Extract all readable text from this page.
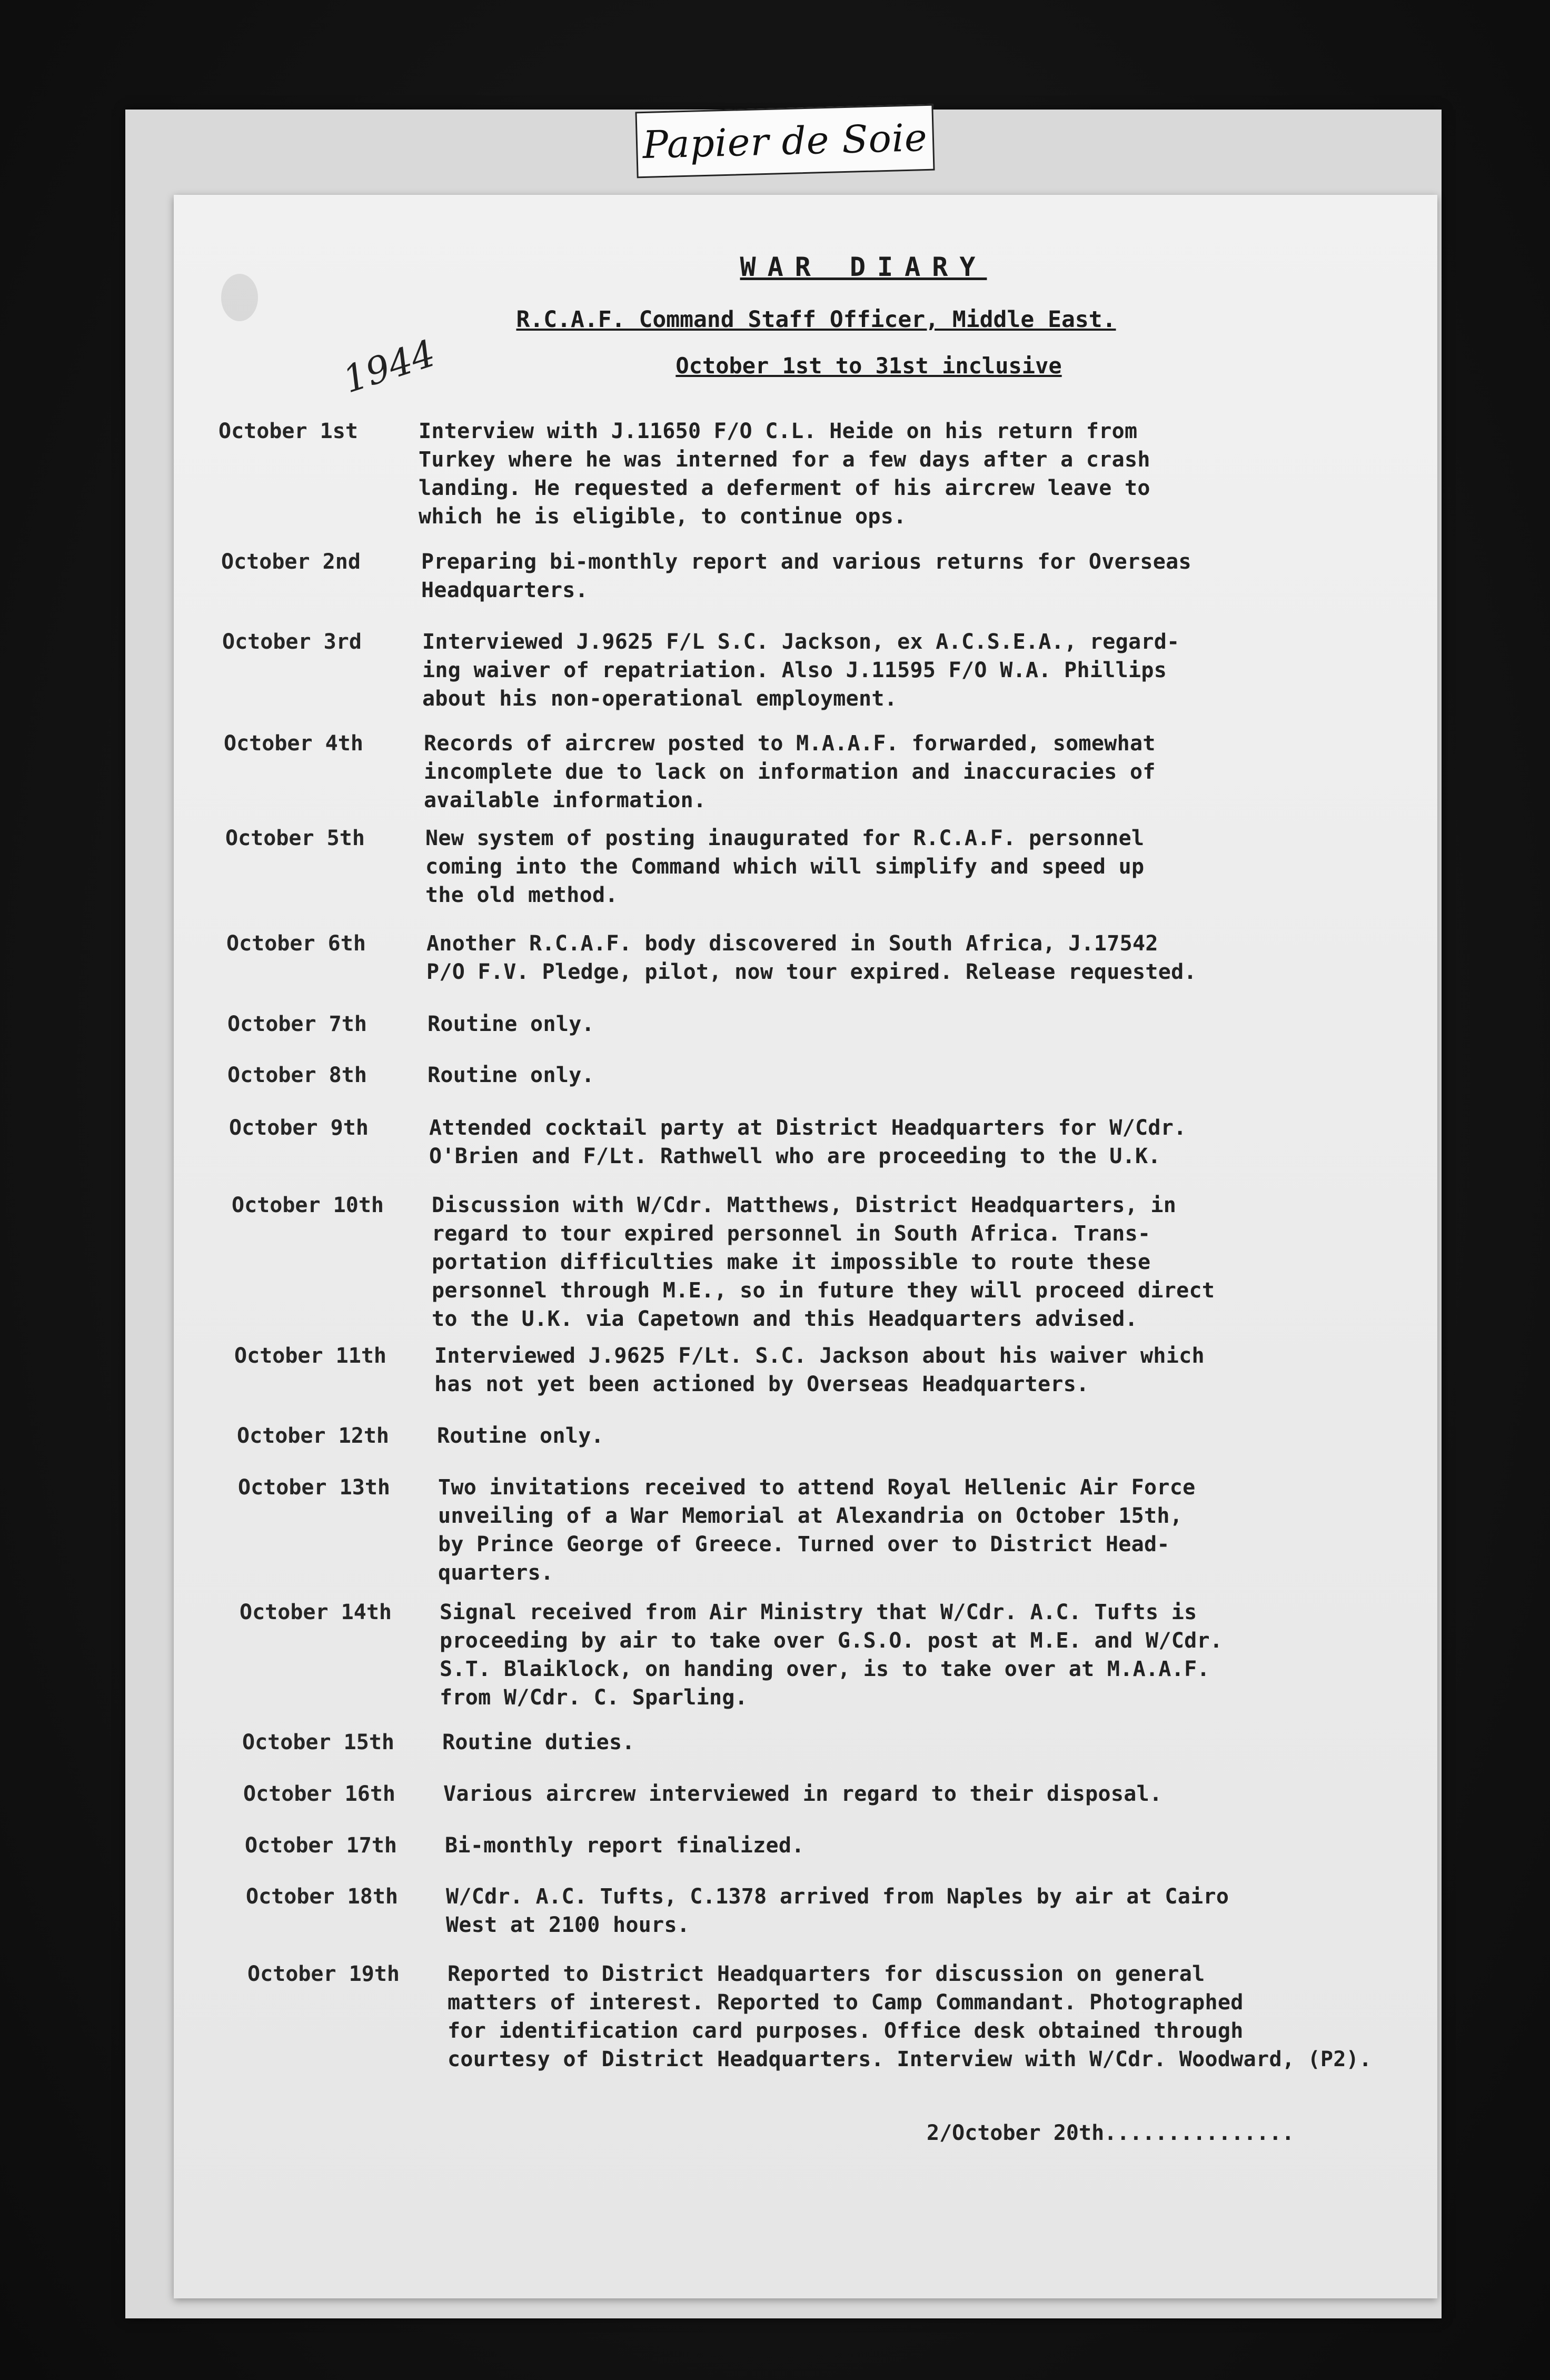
Papier de Soie
1944
WAR DIARY
R.C.A.F. Command Staff Officer, Middle East.
October 1st to 31st inclusive
October 1st	Interview with J.11650 F/O C.L. Heide on his return from
Turkey where he was interned for a few days after a crash
landing. He requested a deferment of his aircrew leave to
which he is eligible, to continue ops.
October 2nd	Preparing bi-monthly report and various returns for Overseas
Headquarters.
October 3rd	Interviewed J.9625 F/L S.C. Jackson, ex A.C.S.E.A., regard-
ing waiver of repatriation. Also J.11595 F/O W.A. Phillips
about his non-operational employment.
October 4th	Records of aircrew posted to M.A.A.F. forwarded, somewhat
incomplete due to lack on information and inaccuracies of
available information.
October 5th	New system of posting inaugurated for R.C.A.F. personnel
coming into the Command which will simplify and speed up
the old method.
October 6th	Another R.C.A.F. body discovered in South Africa, J.17542
P/O F.V. Pledge, pilot, now tour expired. Release requested.
October 7th	Routine only.
October 8th	Routine only.
October 9th	Attended cocktail party at District Headquarters for W/Cdr.
O'Brien and F/Lt. Rathwell who are proceeding to the U.K.
October 10th	Discussion with W/Cdr. Matthews, District Headquarters, in
regard to tour expired personnel in South Africa. Trans-
portation difficulties make it impossible to route these
personnel through M.E., so in future they will proceed direct
to the U.K. via Capetown and this Headquarters advised.
October 11th	Interviewed J.9625 F/Lt. S.C. Jackson about his waiver which
has not yet been actioned by Overseas Headquarters.
October 12th	Routine only.
October 13th	Two invitations received to attend Royal Hellenic Air Force
unveiling of a War Memorial at Alexandria on October 15th,
by Prince George of Greece. Turned over to District Head-
quarters.
October 14th	Signal received from Air Ministry that W/Cdr. A.C. Tufts is
proceeding by air to take over G.S.O. post at M.E. and W/Cdr.
S.T. Blaiklock, on handing over, is to take over at M.A.A.F.
from W/Cdr. C. Sparling.
October 15th	Routine duties.
October 16th	Various aircrew interviewed in regard to their disposal.
October 17th	Bi-monthly report finalized.
October 18th	W/Cdr. A.C. Tufts, C.1378 arrived from Naples by air at Cairo
West at 2100 hours.
October 19th	Reported to District Headquarters for discussion on general
matters of interest. Reported to Camp Commandant. Photographed
for identification card purposes. Office desk obtained through
courtesy of District Headquarters. Interview with W/Cdr. Woodward, (P2).
2/October 20th...............
